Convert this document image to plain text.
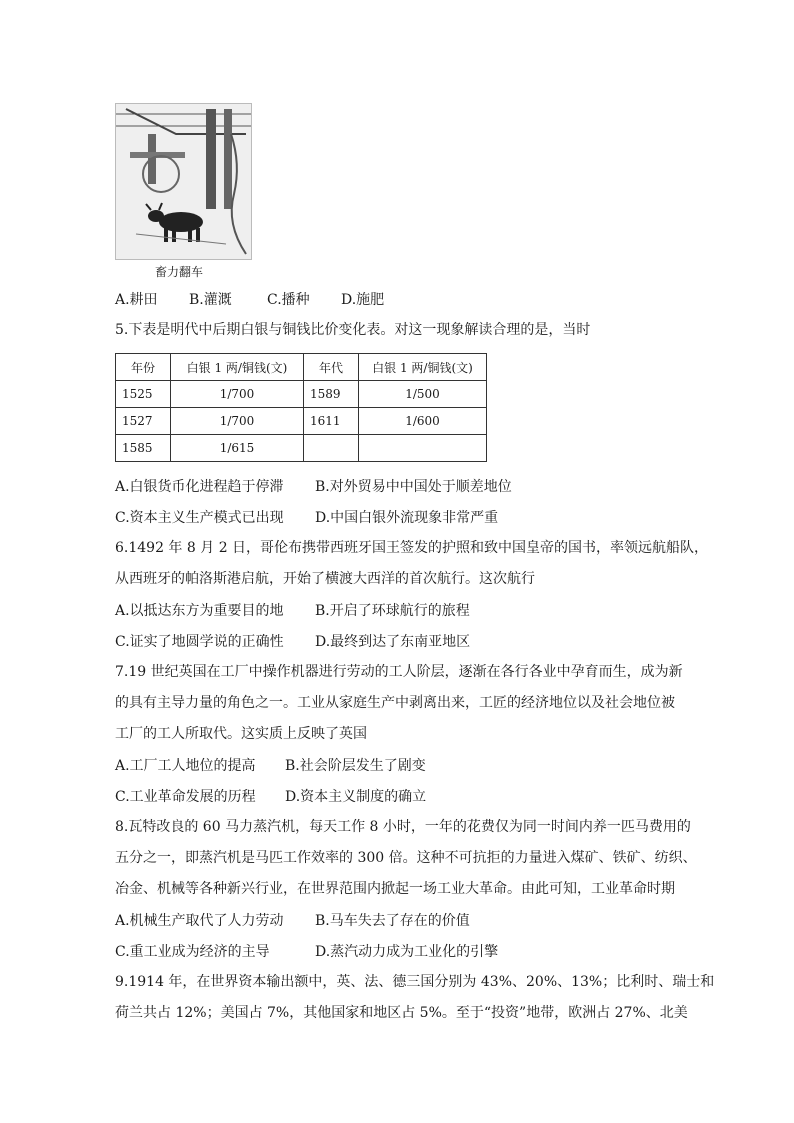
畜力翻车
A.耕田 B.灌溉	C.播种 D.施肥
5.下表是明代中后期白银与铜钱比价变化表。对这一现象解读合理的是，当时
年份	白银 1 两/铜钱(文)	年代	白银 1 两/铜钱(文)
1525	1/700	1589	1/500
1527	1/700	1611	1/600
1585	1/615		
A.白银货币化进程趋于停滞 B.对外贸易中中国处于顺差地位
C.资本主义生产模式已出现 D.中国白银外流现象非常严重
6.1492 年 8 月 2 日，哥伦布携带西班牙国王签发的护照和致中国皇帝的国书，率领远航船队，
从西班牙的帕洛斯港启航，开始了横渡大西洋的首次航行。这次航行
A.以抵达东方为重要目的地 B.开启了环球航行的旅程
C.证实了地圆学说的正确性 D.最终到达了东南亚地区
7.19 世纪英国在工厂中操作机器进行劳动的工人阶层，逐渐在各行各业中孕育而生，成为新
的具有主导力量的角色之一。工业从家庭生产中剥离出来，工匠的经济地位以及社会地位被
工厂的工人所取代。这实质上反映了英国
A.工厂工人地位的提高 B.社会阶层发生了剧变
C.工业革命发展的历程 D.资本主义制度的确立
8.瓦特改良的 60 马力蒸汽机，每天工作 8 小时，一年的花费仅为同一时间内养一匹马费用的
五分之一，即蒸汽机是马匹工作效率的 300 倍。这种不可抗拒的力量进入煤矿、铁矿、纺织、
冶金、机械等各种新兴行业，在世界范围内掀起一场工业大革命。由此可知，工业革命时期
A.机械生产取代了人力劳动 B.马车失去了存在的价值
C.重工业成为经济的主导	D.蒸汽动力成为工业化的引擎
9.1914 年，在世界资本输出额中，英、法、德三国分别为 43%、20%、13%；比利时、瑞士和
荷兰共占 12%；美国占 7%，其他国家和地区占 5%。至于“投资”地带，欧洲占 27%、北美
